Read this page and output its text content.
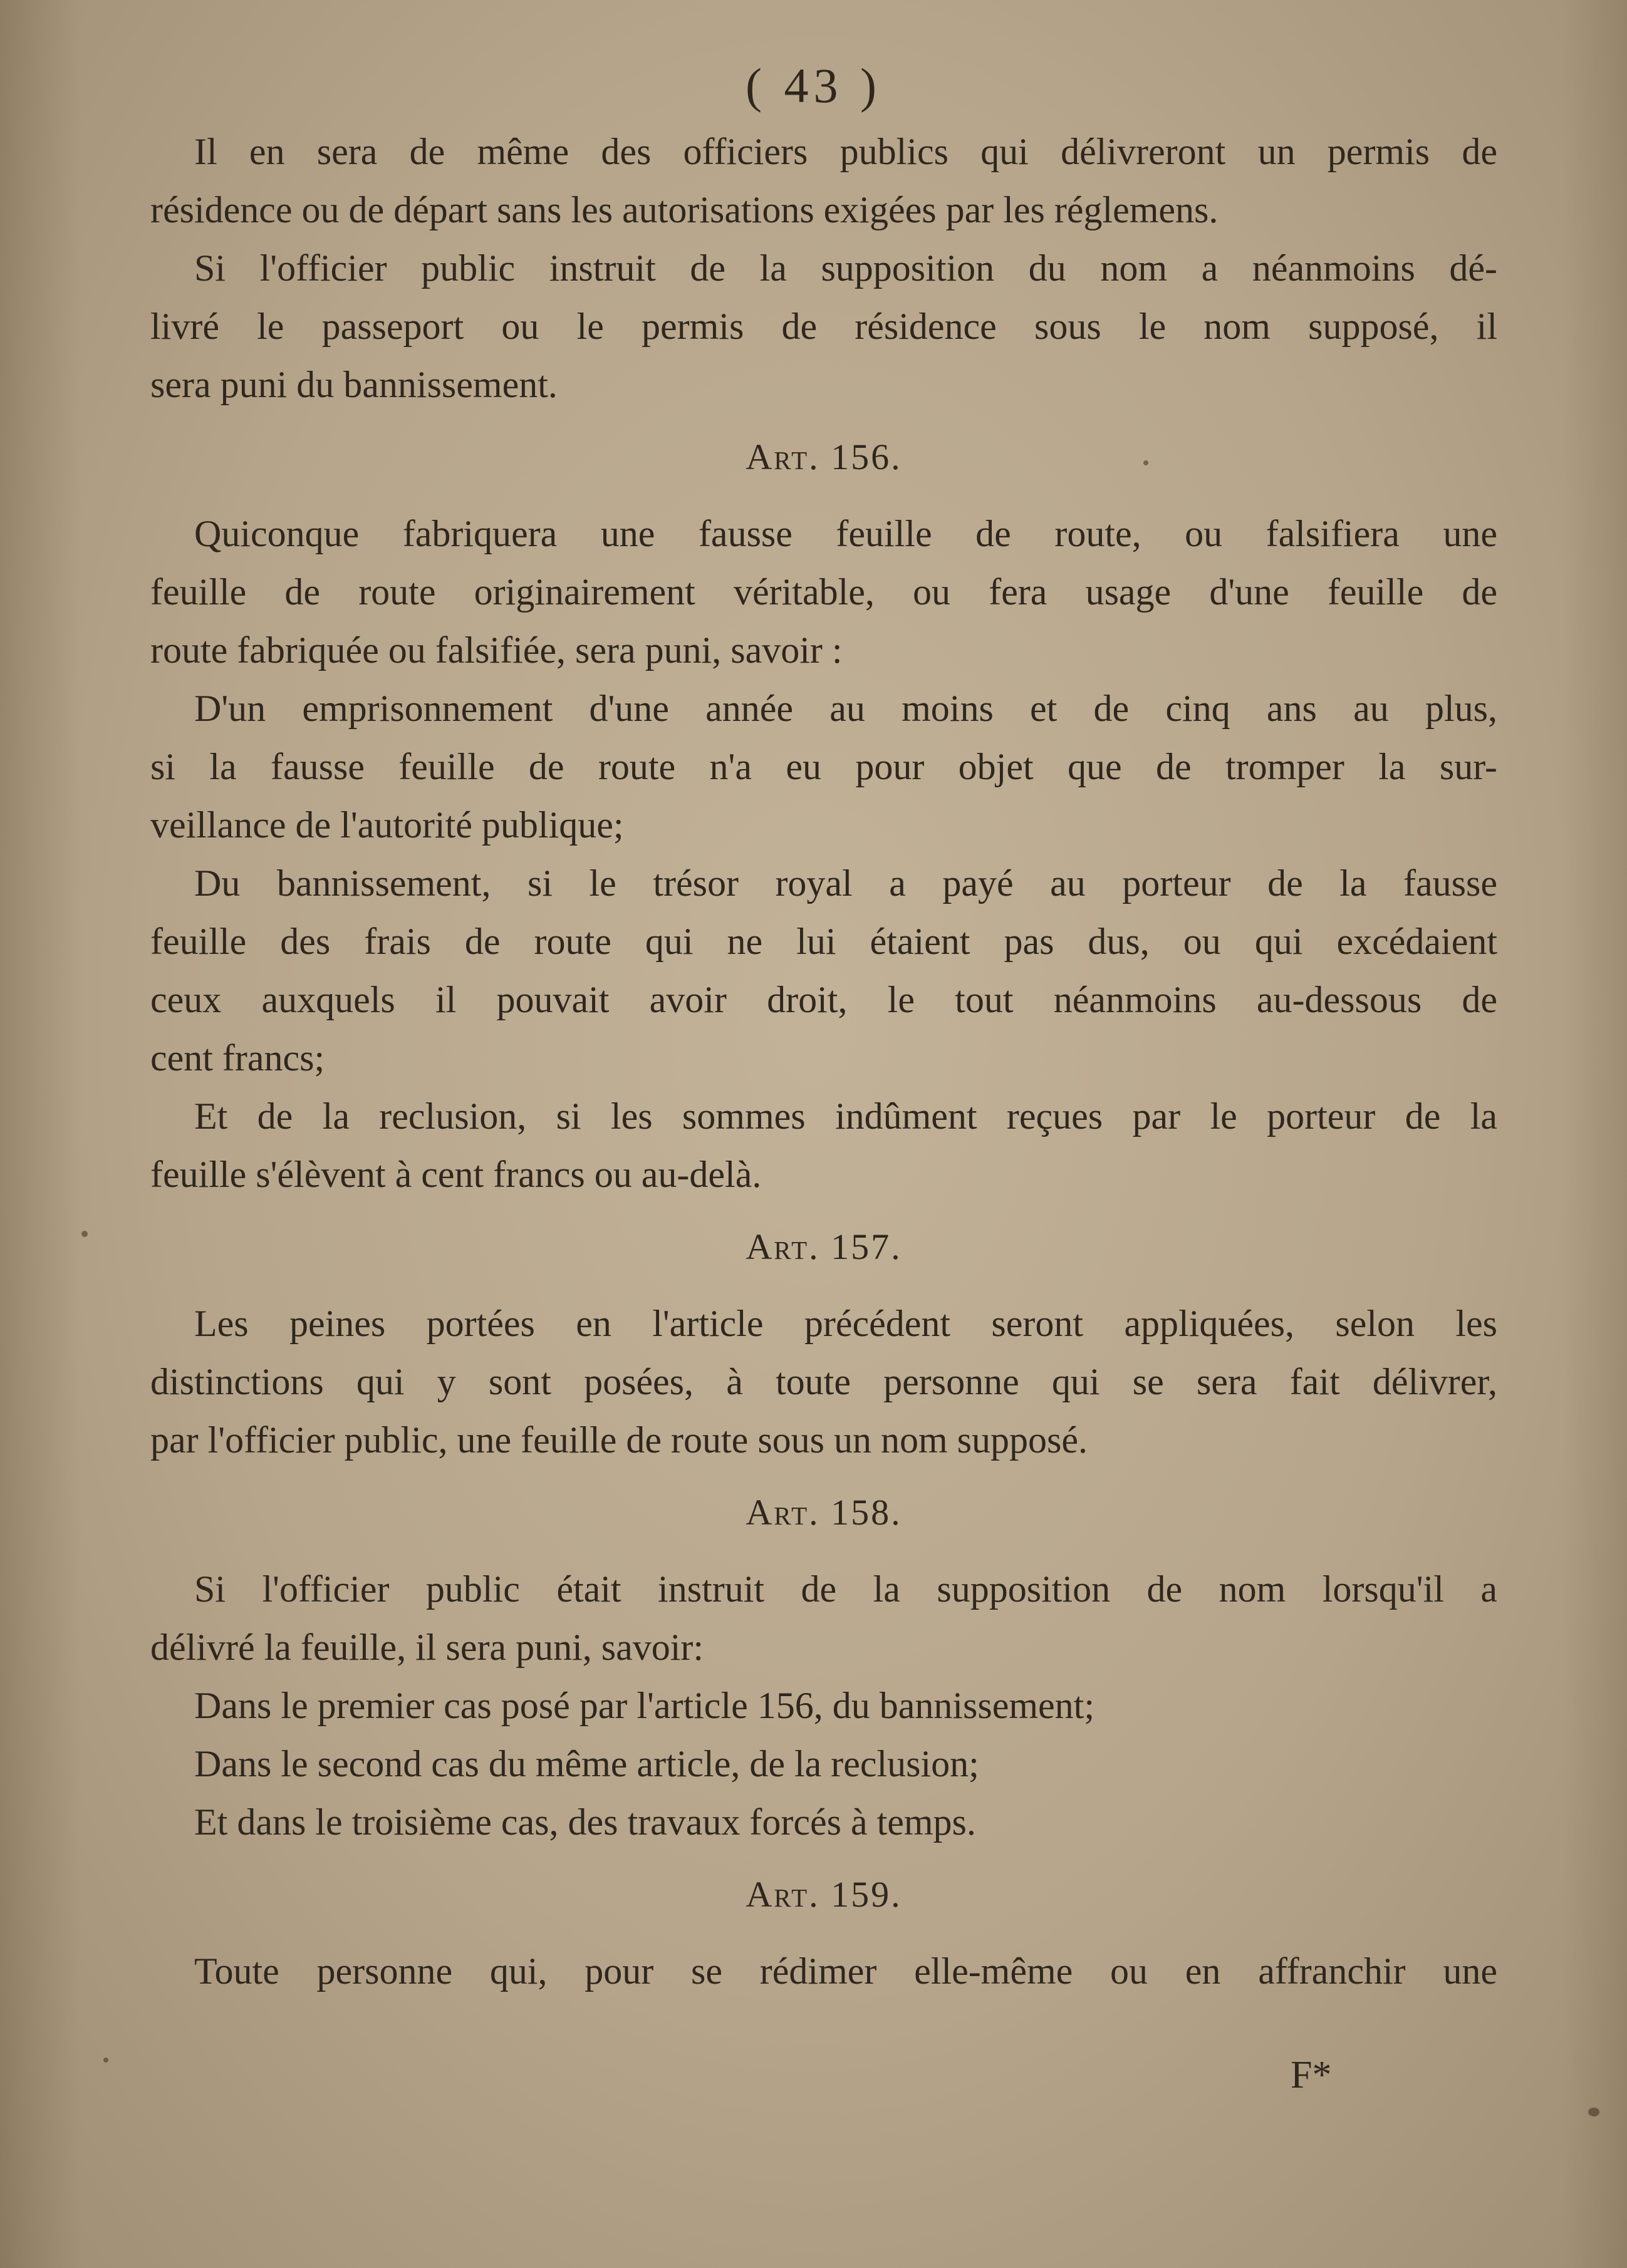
( 43 )
Il en sera de même des officiers publics qui délivreront un permis de
résidence ou de départ sans les autorisations exigées par les réglemens.
Si l'officier public instruit de la supposition du nom a néanmoins dé-
livré le passeport ou le permis de résidence sous le nom supposé, il
sera puni du bannissement.
Art. 156.
Quiconque fabriquera une fausse feuille de route, ou falsifiera une
feuille de route originairement véritable, ou fera usage d'une feuille de
route fabriquée ou falsifiée, sera puni, savoir :
D'un emprisonnement d'une année au moins et de cinq ans au plus,
si la fausse feuille de route n'a eu pour objet que de tromper la sur-
veillance de l'autorité publique;
Du bannissement, si le trésor royal a payé au porteur de la fausse
feuille des frais de route qui ne lui étaient pas dus, ou qui excédaient
ceux auxquels il pouvait avoir droit, le tout néanmoins au-dessous de
cent francs;
Et de la reclusion, si les sommes indûment reçues par le porteur de la
feuille s'élèvent à cent francs ou au-delà.
Art. 157.
Les peines portées en l'article précédent seront appliquées, selon les
distinctions qui y sont posées, à toute personne qui se sera fait délivrer,
par l'officier public, une feuille de route sous un nom supposé.
Art. 158.
Si l'officier public était instruit de la supposition de nom lorsqu'il a
délivré la feuille, il sera puni, savoir:
Dans le premier cas posé par l'article 156, du bannissement;
Dans le second cas du même article, de la reclusion;
Et dans le troisième cas, des travaux forcés à temps.
Art. 159.
Toute personne qui, pour se rédimer elle-même ou en affranchir une
F*
